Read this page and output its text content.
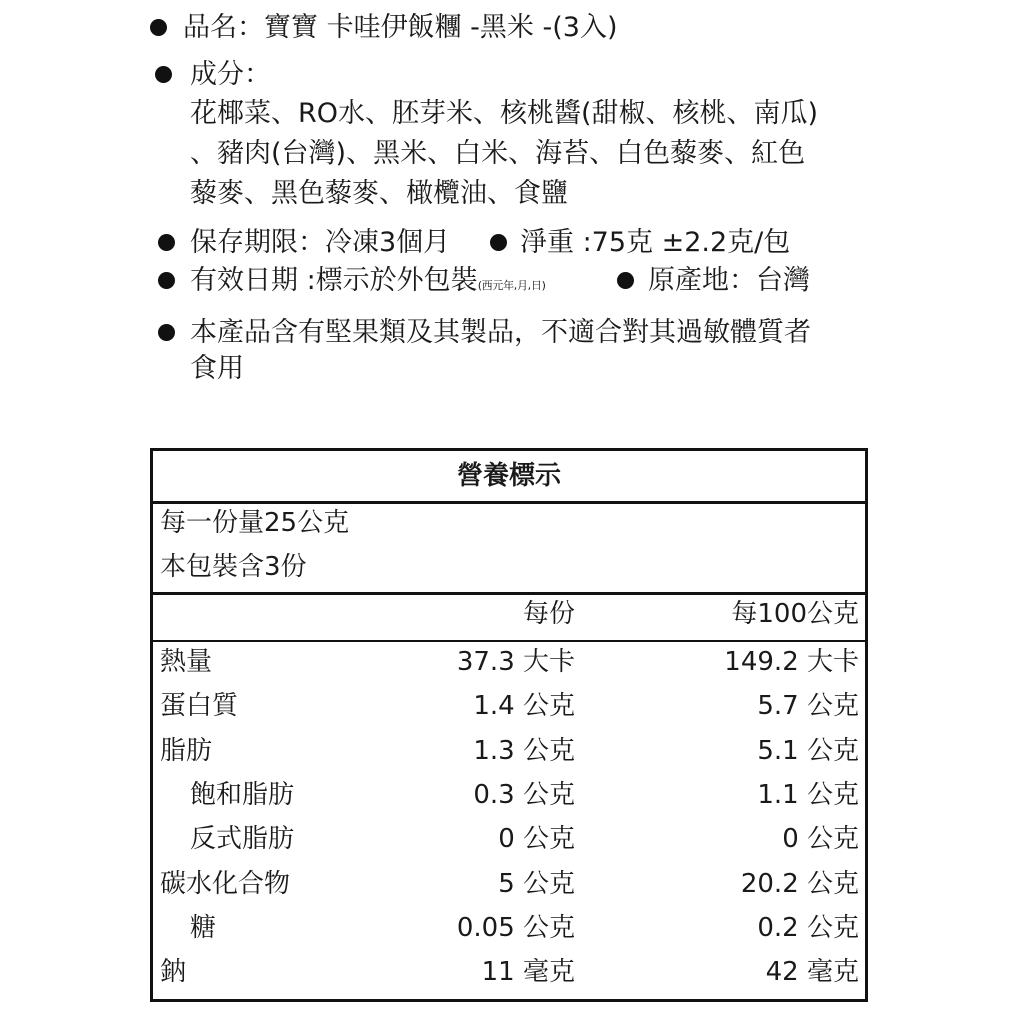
品名：寶寶 卡哇伊飯糰 -黑米 -(3入)
成分：
花椰菜、RO水、胚芽米、核桃醬(甜椒、核桃、南瓜)
、豬肉(台灣)、黑米、白米、海苔、白色藜麥、紅色
藜麥、黑色藜麥、橄欖油、食鹽
保存期限：冷凍3個月	淨重 :75克 ±2.2克/包
有效日期 :標示於外包裝(西元年,月,日)	原產地：台灣
本產品含有堅果類及其製品，不適合對其過敏體質者
食用
營養標示
每一份量25公克
本包裝含3份
每份	每100公克
熱量	37.3 大卡	149.2 大卡
蛋白質	1.4 公克	5.7 公克
脂肪	1.3 公克	5.1 公克
飽和脂肪	0.3 公克	1.1 公克
反式脂肪	0 公克	0 公克
碳水化合物	5 公克	20.2 公克
糖	0.05 公克	0.2 公克
鈉	11 毫克	42 毫克
